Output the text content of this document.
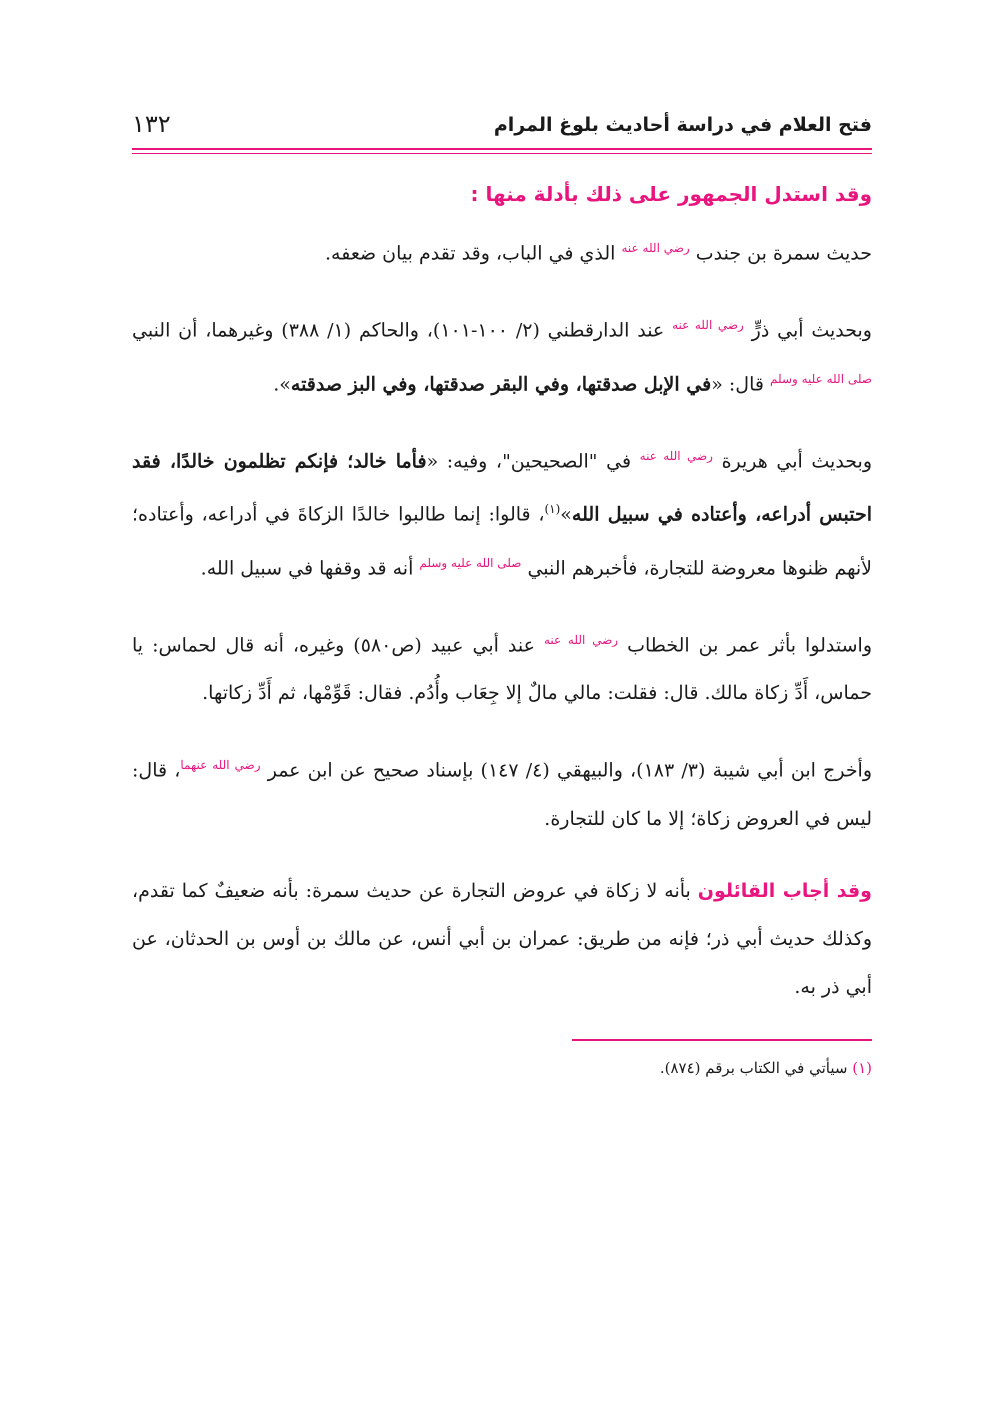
فتح العلام في دراسة أحاديث بلوغ المرام
١٣٢
وقد استدل الجمهور على ذلك بأدلة منها :

حديث سمرة بن جندب $^{رضي الله عنه}$ الذي في الباب، وقد تقدم بيان ضعفه.

وبحديث أبي ذرٍّ $^{رضي الله عنه}$ عند الدارقطني (٢/ ١٠٠-١٠١)، والحاكم (١/ ٣٨٨) وغيرهما، أن النبي $^{صلى الله عليه وسلم}$ قال: «في الإبل صدقتها، وفي البقر صدقتها، وفي البز صدقته».

وبحديث أبي هريرة $^{رضي الله عنه}$ في "الصحيحين"، وفيه: «فأما خالد؛ فإنكم تظلمون خالدًا، فقد احتبس أدراعه، وأعتاده في سبيل الله»$^{(١)}$، قالوا: إنما طالبوا خالدًا الزكاةَ في أدراعه، وأعتاده؛ لأنهم ظنوها معروضة للتجارة، فأخبرهم النبي $^{صلى الله عليه وسلم}$ أنه قد وقفها في سبيل الله.

واستدلوا بأثر عمر بن الخطاب $^{رضي الله عنه}$ عند أبي عبيد (ص٥٨٠) وغيره، أنه قال لحماس: يا حماس، أَدِّ زكاة مالك. قال: فقلت: مالي مالٌ إلا جِعَاب وأُدُم. فقال: قَوِّمْها، ثم أَدِّ زكاتها.

وأخرج ابن أبي شيبة (٣/ ١٨٣)، والبيهقي (٤/ ١٤٧) بإسناد صحيح عن ابن عمر $^{رضي الله عنهما}$، قال: ليس في العروض زكاة؛ إلا ما كان للتجارة.

وقد أجاب القائلون بأنه لا زكاة في عروض التجارة عن حديث سمرة: بأنه ضعيفٌ كما تقدم، وكذلك حديث أبي ذر؛ فإنه من طريق: عمران بن أبي أنس، عن مالك بن أوس بن الحدثان، عن أبي ذر به.

(١) سيأتي في الكتاب برقم (٨٧٤).
